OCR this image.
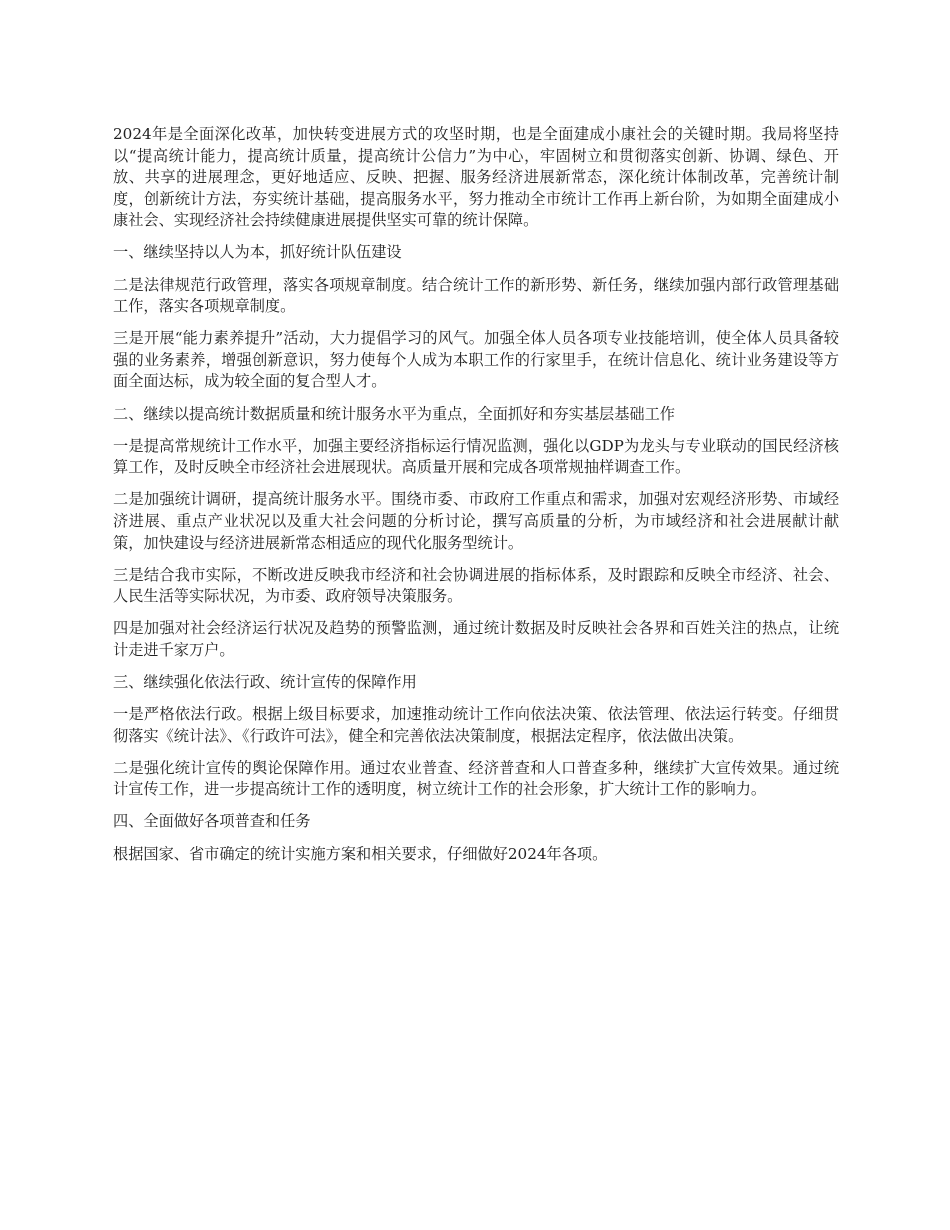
2024年是全面深化改革，加快转变进展方式的攻坚时期，也是全面建成小康社会的关键时期。我局将坚持以“提高统计能力，提高统计质量，提高统计公信力”为中心，牢固树立和贯彻落实创新、协调、绿色、开放、共享的进展理念，更好地适应、反映、把握、服务经济进展新常态，深化统计体制改革，完善统计制度，创新统计方法，夯实统计基础，提高服务水平，努力推动全市统计工作再上新台阶，为如期全面建成小康社会、实现经济社会持续健康进展提供坚实可靠的统计保障。

一、继续坚持以人为本，抓好统计队伍建设

二是法律规范行政管理，落实各项规章制度。结合统计工作的新形势、新任务，继续加强内部行政管理基础工作，落实各项规章制度。

三是开展“能力素养提升”活动，大力提倡学习的风气。加强全体人员各项专业技能培训，使全体人员具备较强的业务素养，增强创新意识，努力使每个人成为本职工作的行家里手，在统计信息化、统计业务建设等方面全面达标，成为较全面的复合型人才。

二、继续以提高统计数据质量和统计服务水平为重点，全面抓好和夯实基层基础工作

一是提高常规统计工作水平，加强主要经济指标运行情况监测，强化以GDP为龙头与专业联动的国民经济核算工作，及时反映全市经济社会进展现状。高质量开展和完成各项常规抽样调查工作。

二是加强统计调研，提高统计服务水平。围绕市委、市政府工作重点和需求，加强对宏观经济形势、市域经济进展、重点产业状况以及重大社会问题的分析讨论，撰写高质量的分析，为市域经济和社会进展献计献策，加快建设与经济进展新常态相适应的现代化服务型统计。

三是结合我市实际，不断改进反映我市经济和社会协调进展的指标体系，及时跟踪和反映全市经济、社会、人民生活等实际状况，为市委、政府领导决策服务。

四是加强对社会经济运行状况及趋势的预警监测，通过统计数据及时反映社会各界和百姓关注的热点，让统计走进千家万户。

三、继续强化依法行政、统计宣传的保障作用

一是严格依法行政。根据上级目标要求，加速推动统计工作向依法决策、依法管理、依法运行转变。仔细贯彻落实《统计法》、《行政许可法》，健全和完善依法决策制度，根据法定程序，依法做出决策。

二是强化统计宣传的舆论保障作用。通过农业普查、经济普查和人口普查多种，继续扩大宣传效果。通过统计宣传工作，进一步提高统计工作的透明度，树立统计工作的社会形象，扩大统计工作的影响力。

四、全面做好各项普查和任务

根据国家、省市确定的统计实施方案和相关要求，仔细做好2024年各项。
